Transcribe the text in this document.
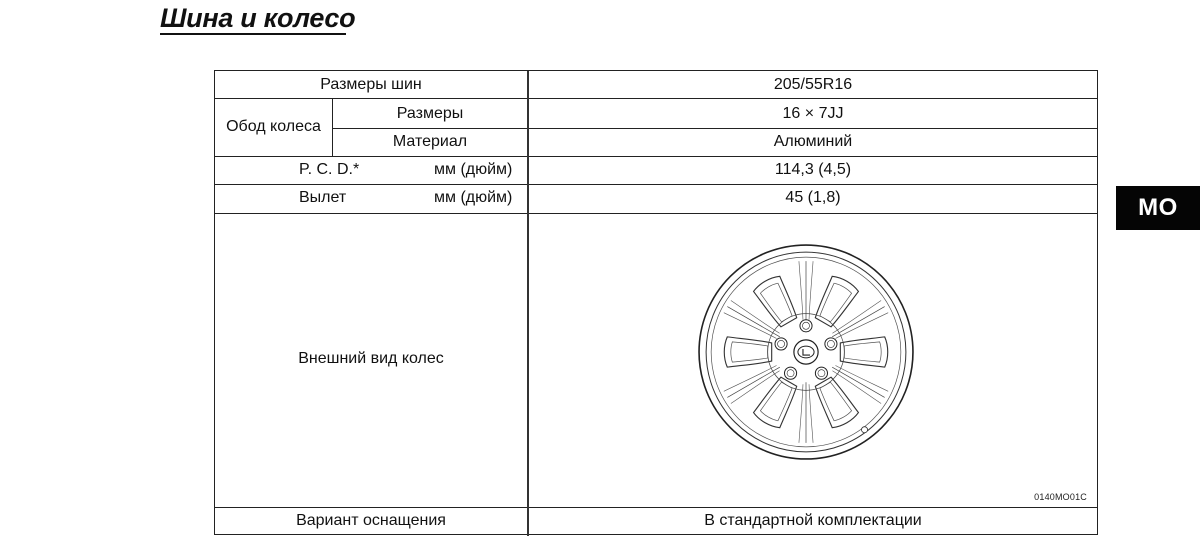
Шина и колесо
MO
Размеры шин	205/55R16
Обод колеса
Размеры	16 × 7JJ
Материал	Алюминий
P. C. D.*	мм (дюйм)	114,3 (4,5)
Вылет	мм (дюйм)	45 (1,8)
Внешний вид колес
0140MO01C
Вариант оснащения	В стандартной комплектации
